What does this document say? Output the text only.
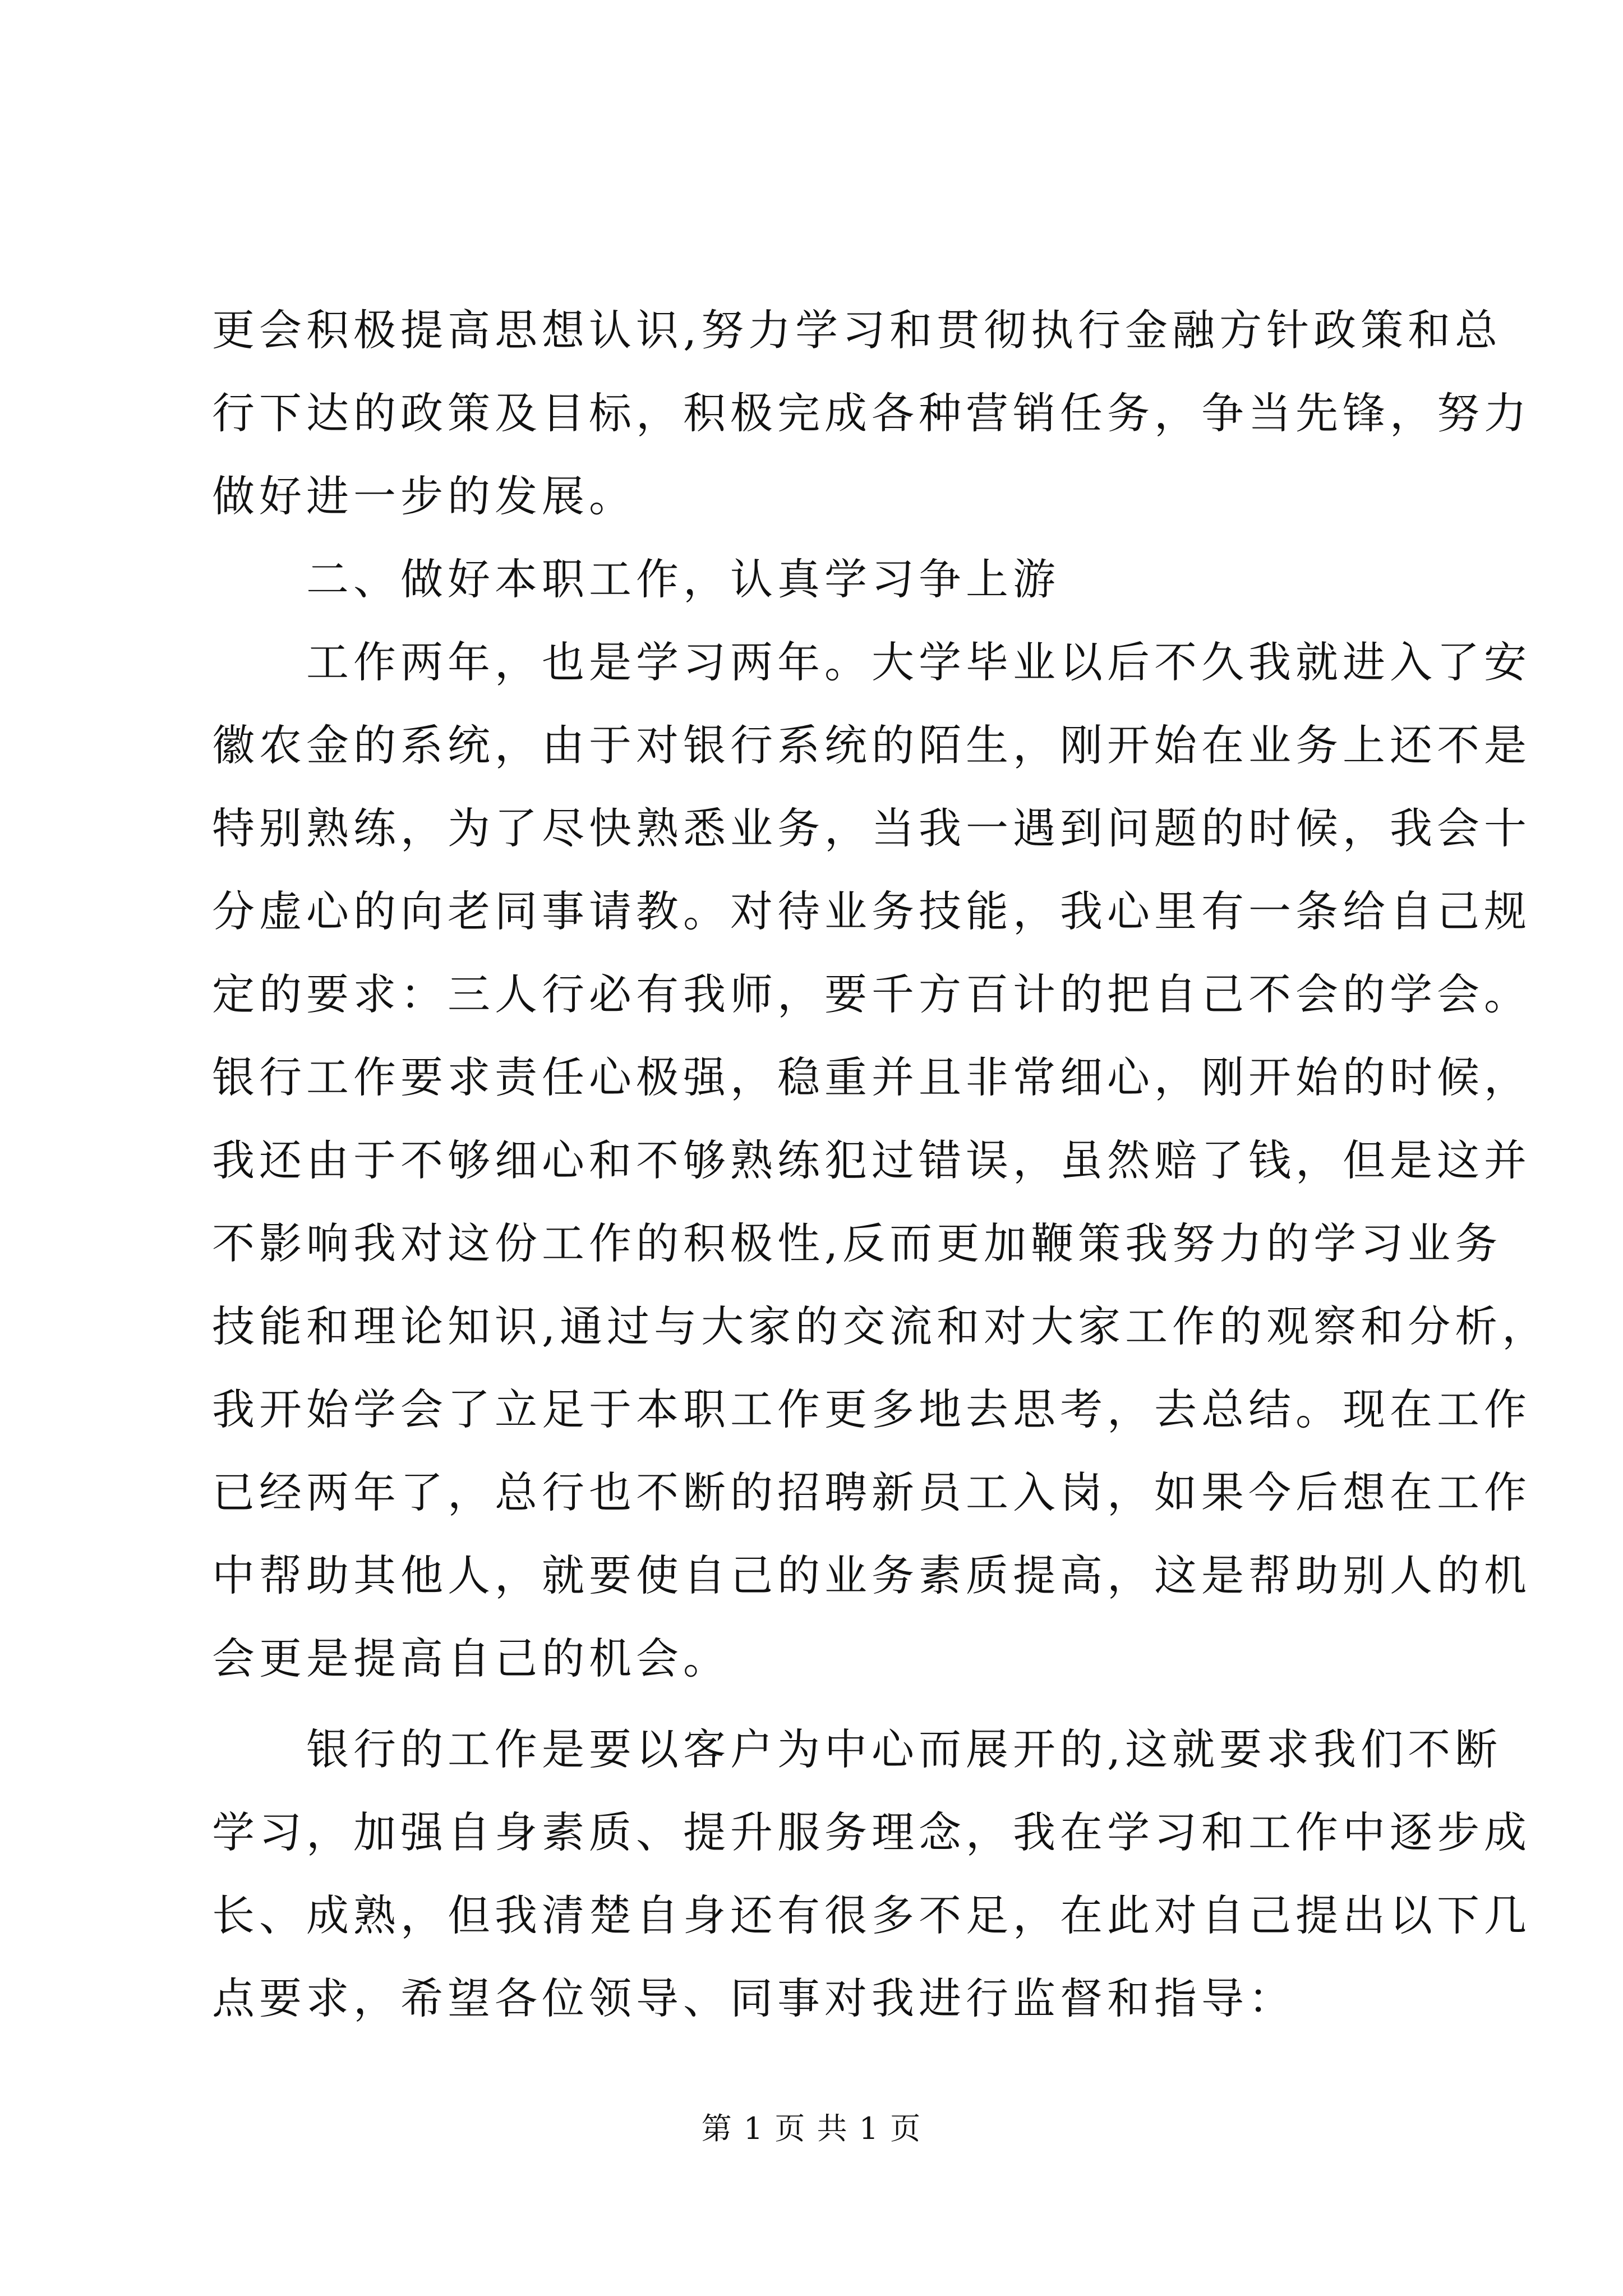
更会积极提高思想认识,努力学习和贯彻执行金融方针政策和总
行下达的政策及目标，积极完成各种营销任务，争当先锋，努力
做好进一步的发展。
　　二、做好本职工作，认真学习争上游
　　工作两年，也是学习两年。大学毕业以后不久我就进入了安
徽农金的系统，由于对银行系统的陌生，刚开始在业务上还不是
特别熟练，为了尽快熟悉业务，当我一遇到问题的时候，我会十
分虚心的向老同事请教。对待业务技能，我心里有一条给自己规
定的要求：三人行必有我师，要千方百计的把自己不会的学会。
银行工作要求责任心极强，稳重并且非常细心，刚开始的时候，
我还由于不够细心和不够熟练犯过错误，虽然赔了钱，但是这并
不影响我对这份工作的积极性,反而更加鞭策我努力的学习业务
技能和理论知识,通过与大家的交流和对大家工作的观察和分析，
我开始学会了立足于本职工作更多地去思考，去总结。现在工作
已经两年了，总行也不断的招聘新员工入岗，如果今后想在工作
中帮助其他人，就要使自己的业务素质提高，这是帮助别人的机
会更是提高自己的机会。
　　银行的工作是要以客户为中心而展开的,这就要求我们不断
学习，加强自身素质、提升服务理念，我在学习和工作中逐步成
长、成熟，但我清楚自身还有很多不足，在此对自己提出以下几
点要求，希望各位领导、同事对我进行监督和指导：
第 1 页 共 1 页
